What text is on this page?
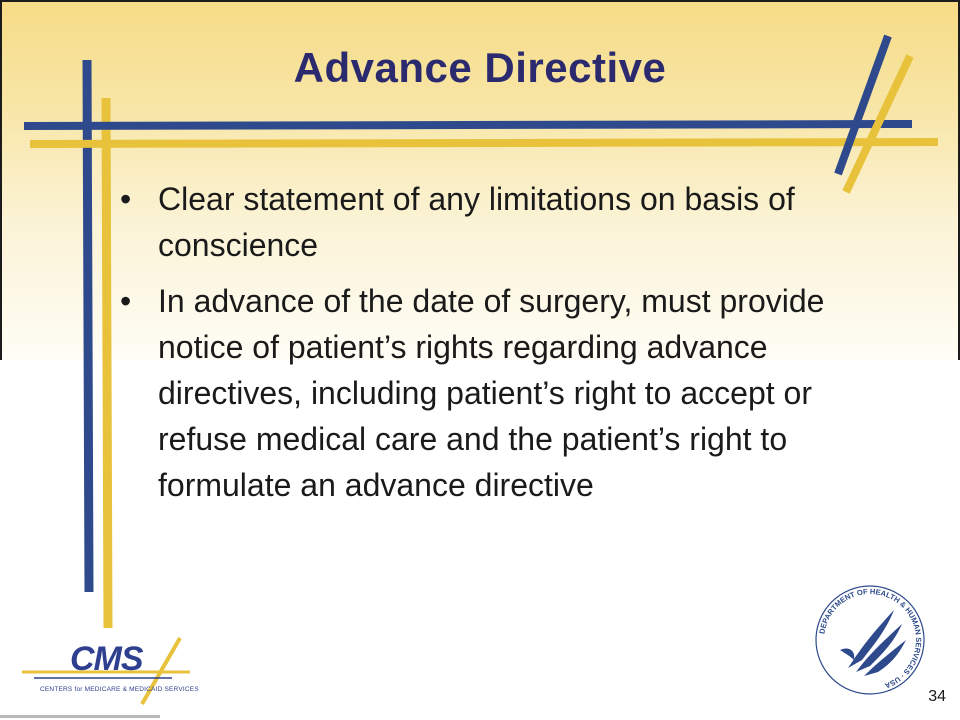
Advance Directive
• Clear statement of any limitations on basis of conscience
• In advance of the date of surgery, must provide notice of patient’s rights regarding advance directives, including patient’s right to accept or refuse medical care and the patient’s right to formulate an advance directive
CMS
CENTERS for MEDICARE & MEDICAID SERVICES
DEPARTMENT OF HEALTH & HUMAN SERVICES · USA
34
